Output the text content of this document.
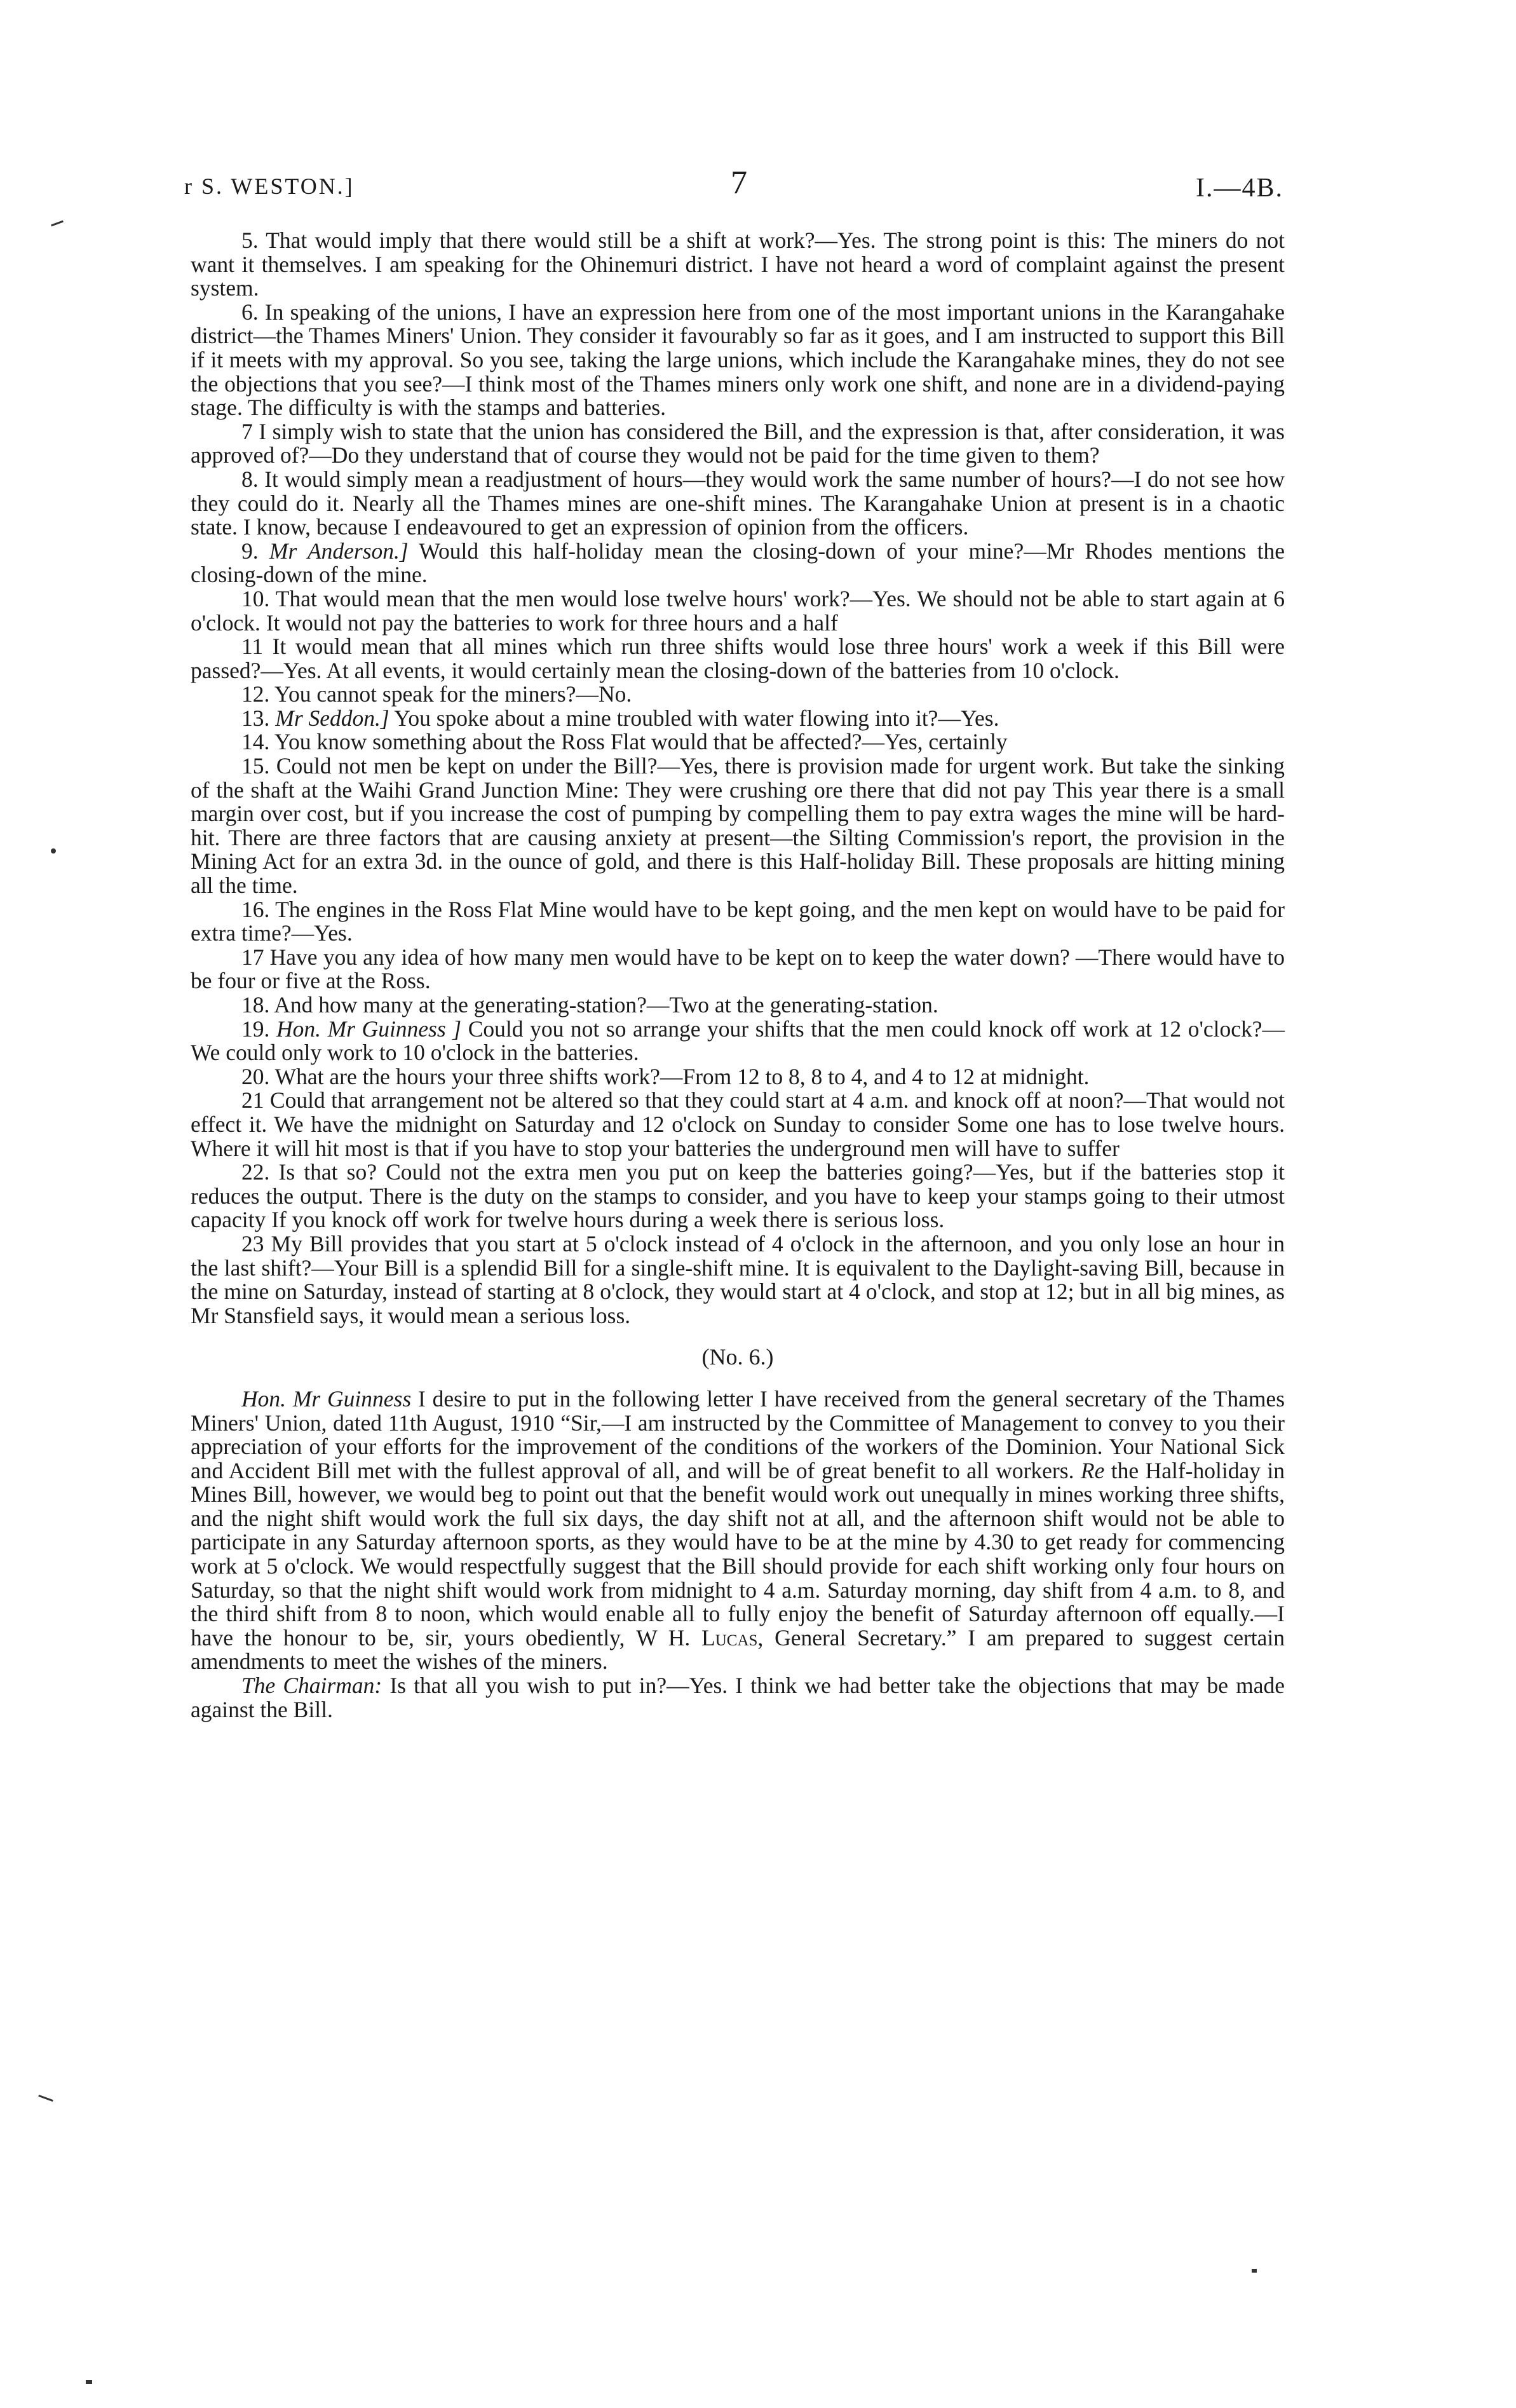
r S. WESTON.]	7	I.—4B.

5. That would imply that there would still be a shift at work?—Yes. The strong point is this: The miners do not want it themselves. I am speaking for the Ohinemuri district. I have not heard a word of complaint against the present system.

6. In speaking of the unions, I have an expression here from one of the most important unions in the Karangahake district—the Thames Miners' Union. They consider it favourably so far as it goes, and I am instructed to support this Bill if it meets with my approval. So you see, taking the large unions, which include the Karangahake mines, they do not see the objections that you see?—I think most of the Thames miners only work one shift, and none are in a dividend-paying stage. The difficulty is with the stamps and batteries.

7 I simply wish to state that the union has considered the Bill, and the expression is that, after consideration, it was approved of?—Do they understand that of course they would not be paid for the time given to them?

8. It would simply mean a readjustment of hours—they would work the same number of hours?—I do not see how they could do it. Nearly all the Thames mines are one-shift mines. The Karangahake Union at present is in a chaotic state. I know, because I endeavoured to get an expression of opinion from the officers.

9. Mr Anderson.] Would this half-holiday mean the closing-down of your mine?—Mr Rhodes mentions the closing-down of the mine.

10. That would mean that the men would lose twelve hours' work?—Yes. We should not be able to start again at 6 o'clock. It would not pay the batteries to work for three hours and a half

11 It would mean that all mines which run three shifts would lose three hours' work a week if this Bill were passed?—Yes. At all events, it would certainly mean the closing-down of the batteries from 10 o'clock.

12. You cannot speak for the miners?—No.

13. Mr Seddon.] You spoke about a mine troubled with water flowing into it?—Yes.

14. You know something about the Ross Flat would that be affected?—Yes, certainly

15. Could not men be kept on under the Bill?—Yes, there is provision made for urgent work. But take the sinking of the shaft at the Waihi Grand Junction Mine: They were crushing ore there that did not pay This year there is a small margin over cost, but if you increase the cost of pumping by compelling them to pay extra wages the mine will be hard-hit. There are three factors that are causing anxiety at present—the Silting Commission's report, the provision in the Mining Act for an extra 3d. in the ounce of gold, and there is this Half-holiday Bill. These proposals are hitting mining all the time.

16. The engines in the Ross Flat Mine would have to be kept going, and the men kept on would have to be paid for extra time?—Yes.

17 Have you any idea of how many men would have to be kept on to keep the water down? —There would have to be four or five at the Ross.

18. And how many at the generating-station?—Two at the generating-station.

19. Hon. Mr Guinness ] Could you not so arrange your shifts that the men could knock off work at 12 o'clock?—We could only work to 10 o'clock in the batteries.

20. What are the hours your three shifts work?—From 12 to 8, 8 to 4, and 4 to 12 at midnight.

21 Could that arrangement not be altered so that they could start at 4 a.m. and knock off at noon?—That would not effect it. We have the midnight on Saturday and 12 o'clock on Sunday to consider Some one has to lose twelve hours. Where it will hit most is that if you have to stop your batteries the underground men will have to suffer

22. Is that so? Could not the extra men you put on keep the batteries going?—Yes, but if the batteries stop it reduces the output. There is the duty on the stamps to consider, and you have to keep your stamps going to their utmost capacity If you knock off work for twelve hours during a week there is serious loss.

23 My Bill provides that you start at 5 o'clock instead of 4 o'clock in the afternoon, and you only lose an hour in the last shift?—Your Bill is a splendid Bill for a single-shift mine. It is equivalent to the Daylight-saving Bill, because in the mine on Saturday, instead of starting at 8 o'clock, they would start at 4 o'clock, and stop at 12; but in all big mines, as Mr Stansfield says, it would mean a serious loss.

(No. 6.)

Hon. Mr Guinness I desire to put in the following letter I have received from the general secretary of the Thames Miners' Union, dated 11th August, 1910 “Sir,—I am instructed by the Committee of Management to convey to you their appreciation of your efforts for the improvement of the conditions of the workers of the Dominion. Your National Sick and Accident Bill met with the fullest approval of all, and will be of great benefit to all workers. Re the Half-holiday in Mines Bill, however, we would beg to point out that the benefit would work out unequally in mines working three shifts, and the night shift would work the full six days, the day shift not at all, and the afternoon shift would not be able to participate in any Saturday afternoon sports, as they would have to be at the mine by 4.30 to get ready for commencing work at 5 o'clock. We would respectfully suggest that the Bill should provide for each shift working only four hours on Saturday, so that the night shift would work from midnight to 4 a.m. Saturday morning, day shift from 4 a.m. to 8, and the third shift from 8 to noon, which would enable all to fully enjoy the benefit of Saturday afternoon off equally.—I have the honour to be, sir, yours obediently, W H. Lucas, General Secretary.” I am prepared to suggest certain amendments to meet the wishes of the miners.

The Chairman: Is that all you wish to put in?—Yes. I think we had better take the objections that may be made against the Bill.
